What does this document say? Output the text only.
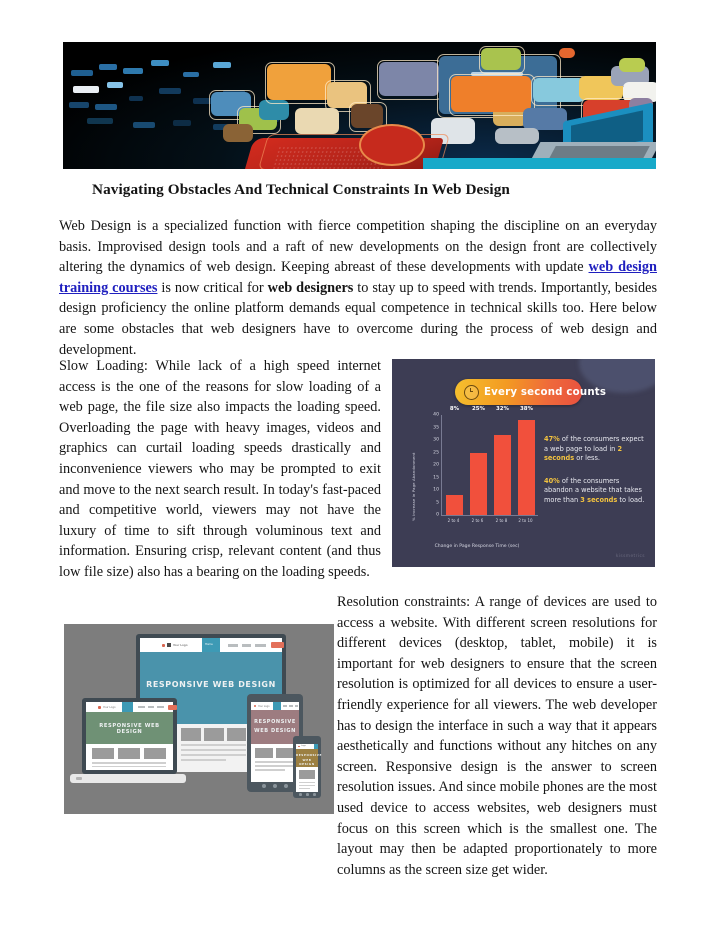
Navigating Obstacles And Technical Constraints In Web Design
Web Design is a specialized function with fierce competition shaping the discipline on an everyday basis. Improvised design tools and a raft of new developments on the design front are collectively altering the dynamics of web design. Keeping abreast of these developments with update web design training courses is now critical for web designers to stay up to speed with trends. Importantly, besides design proficiency the online platform demands equal competence in technical skills too. Here below are some obstacles that web designers have to overcome during the process of web design and development.
Slow Loading: While lack of a high speed internet access is the one of the reasons for slow loading of a web page, the file size also impacts the loading speed. Overloading the page with heavy images, videos and graphics can curtail loading speeds drastically and inconvenience viewers who may be prompted to exit and move to the next search result. In today's fast-paced and competitive world, viewers may not have the luxury of time to sift through voluminous text and information. Ensuring crisp, relevant content (and thus low file size) also has a bearing on the loading speeds.
Every second counts
% Increase in Page Abandonment
40
35
30
25
20
15
10
5
0
8% 25% 32% 38%
2 to 4	2 to 6	2 to 8	2 to 10
Change in Page Response Time (sec)
47% of the consumers expect a web page to load in 2 seconds or less.
40% of the consumers abandon a website that takes more than 3 seconds to load.
kissmetrics
Resolution constraints: A range of devices are used to access a website. With different screen resolutions for different devices (desktop, tablet, mobile) it is important for web designers to ensure that the screen resolution is optimized for all devices to ensure a user-friendly experience for all viewers. The web developer has to design the interface in such a way that it appears aesthetically and functions without any hitches on any screen. Responsive design is the answer to screen resolution issues. And since mobile phones are the most used device to access websites, web designers must focus on this screen which is the smallest one. The layout may then be adapted proportionately to more columns as the screen size get wider.
Your Logo	Home
RESPONSIVE WEB DESIGN
Your Logo
RESPONSIVE WEB DESIGN
Your Logo
RESPONSIVE
WEB DESIGN
Logo
RESPONSIVE
WEB DESIGN
